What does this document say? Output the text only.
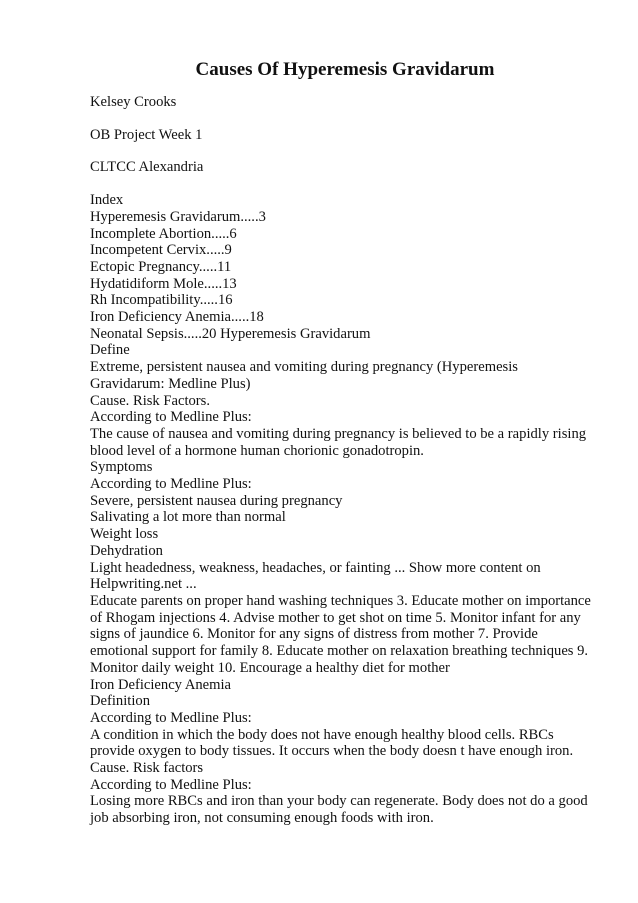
Causes Of Hyperemesis Gravidarum
Kelsey Crooks
OB Project Week 1
CLTCC Alexandria
Index
Hyperemesis Gravidarum.....3
Incomplete Abortion.....6
Incompetent Cervix.....9
Ectopic Pregnancy.....11
Hydatidiform Mole.....13
Rh Incompatibility.....16
Iron Deficiency Anemia.....18
Neonatal Sepsis.....20 Hyperemesis Gravidarum
Define
Extreme, persistent nausea and vomiting during pregnancy (Hyperemesis
Gravidarum: Medline Plus)
Cause. Risk Factors.
According to Medline Plus:
The cause of nausea and vomiting during pregnancy is believed to be a rapidly rising
blood level of a hormone human chorionic gonadotropin.
Symptoms
According to Medline Plus:
Severe, persistent nausea during pregnancy
Salivating a lot more than normal
Weight loss
Dehydration
Light headedness, weakness, headaches, or fainting ... Show more content on
Helpwriting.net ...
Educate parents on proper hand washing techniques 3. Educate mother on importance
of Rhogam injections 4. Advise mother to get shot on time 5. Monitor infant for any
signs of jaundice 6. Monitor for any signs of distress from mother 7. Provide
emotional support for family 8. Educate mother on relaxation breathing techniques 9.
Monitor daily weight 10. Encourage a healthy diet for mother
Iron Deficiency Anemia
Definition
According to Medline Plus:
A condition in which the body does not have enough healthy blood cells. RBCs
provide oxygen to body tissues. It occurs when the body doesn t have enough iron.
Cause. Risk factors
According to Medline Plus:
Losing more RBCs and iron than your body can regenerate. Body does not do a good
job absorbing iron, not consuming enough foods with iron.
